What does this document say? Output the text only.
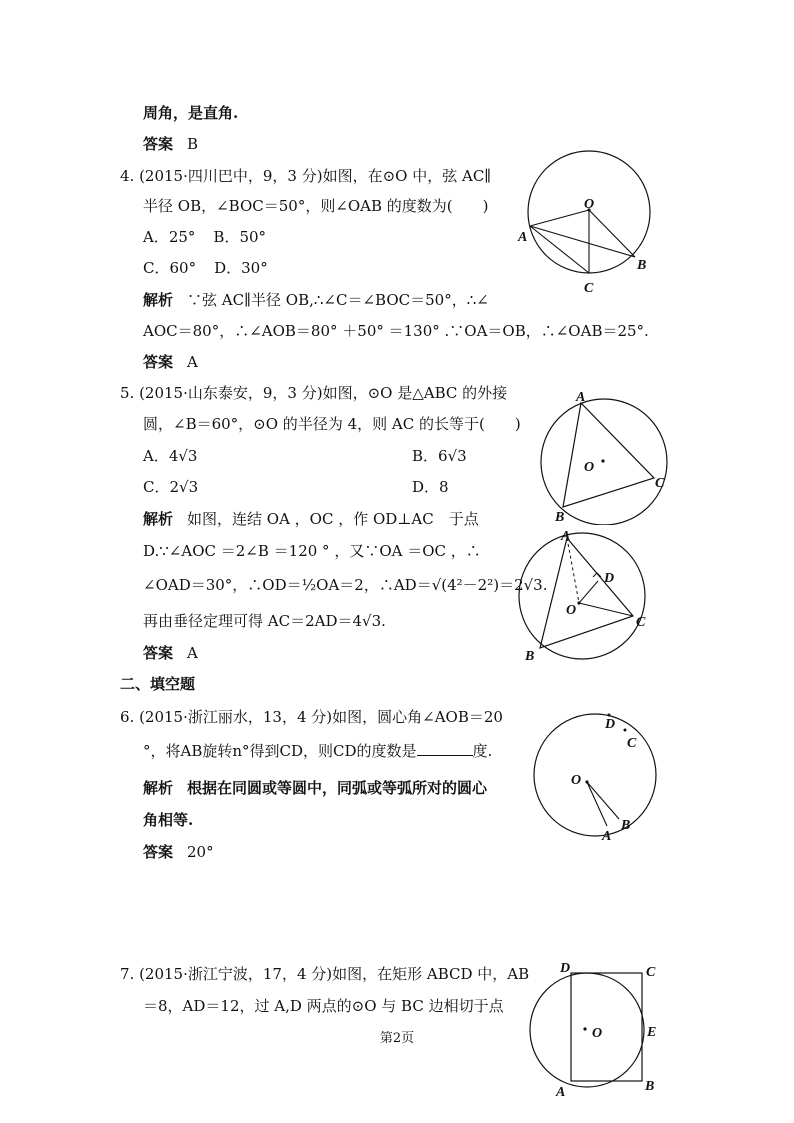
周角，是直角.
答案 B
4. (2015·四川巴中，9，3 分)如图，在⊙O 中，弦 AC∥
半径 OB，∠BOC＝50°，则∠OAB 的度数为(　　)
A．25° B．50°
C．60° D．30°
解析 ∵弦 AC∥半径 OB,∴∠C＝∠BOC＝50°，∴∠
AOC＝80°，∴∠AOB＝80° ＋50° ＝130° .∵OA＝OB，∴∠OAB＝25°.
答案 A
5. (2015·山东泰安，9，3 分)如图，⊙O 是△ABC 的外接
圆，∠B＝60°，⊙O 的半径为 4，则 AC 的长等于(　　)
A．4√3	B．6√3
C．2√3	D．8
解析 如图，连结 OA ，OC ，作 OD⊥AC　于点
D.∵∠AOC ＝2∠B ＝120 ° ，又∵OA ＝OC ，∴
∠OAD＝30°，∴OD＝½OA＝2，∴AD＝√(4²－2²)＝2√3.
再由垂径定理可得 AC＝2AD＝4√3.
答案 A
二、填空题
6. (2015·浙江丽水，13，4 分)如图，圆心角∠AOB＝20
°，将AB旋转n°得到CD，则CD的度数是	度.
解析 根据在同圆或等圆中，同弧或等弧所对的圆心
角相等.
答案 20°
7. (2015·浙江宁波，17，4 分)如图，在矩形 ABCD 中，AB
＝8，AD＝12，过 A,D 两点的⊙O 与 BC 边相切于点
第2页
O
A
B
C
A
B
C
O
A
B
C
D
O
O
A
B
C
D
D	C
E
O
A	B
